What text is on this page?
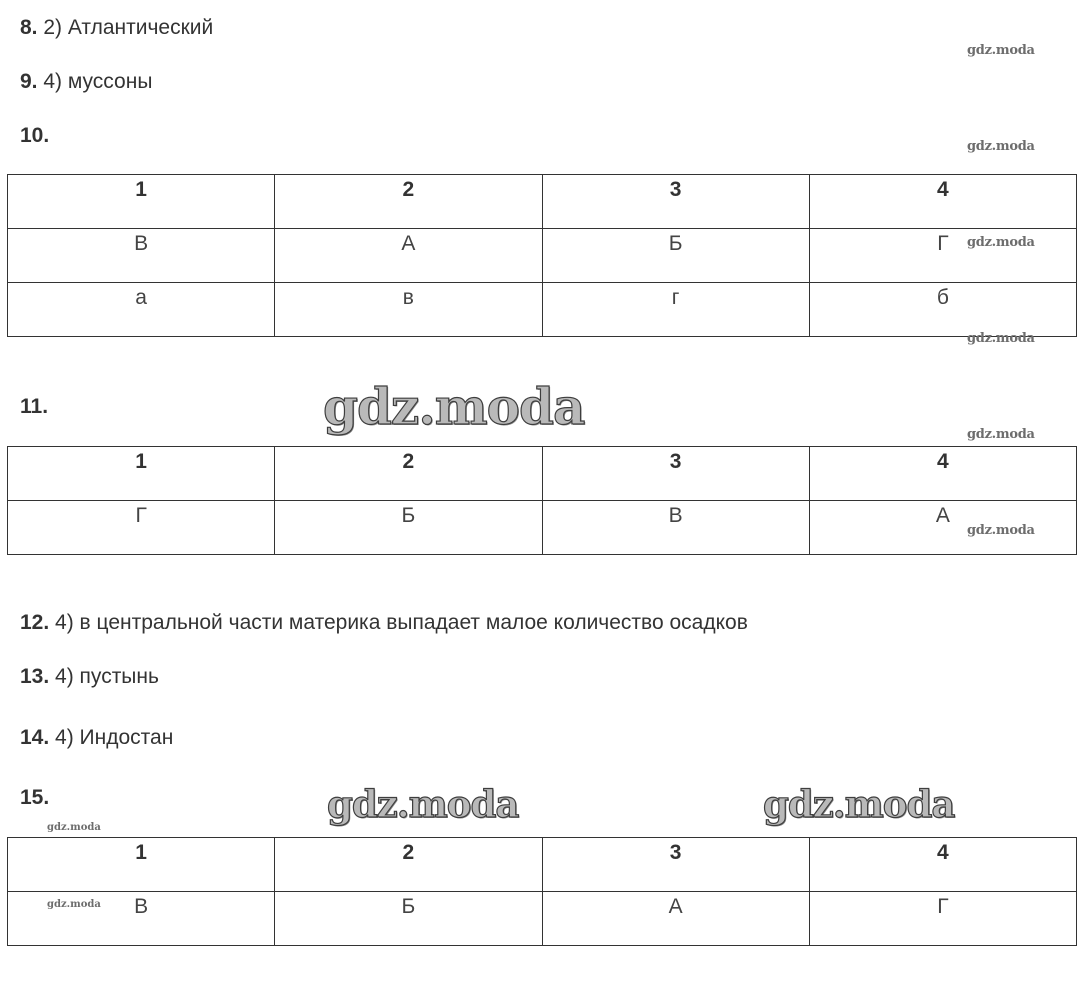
8. 2) Атлантический
9. 4) муссоны
10.
1	2	3	4

В	А	Б	Г

а	в	г	б
11.
1	2	3	4

Г	Б	В	А
12. 4) в центральной части материка выпадает малое количество осадков
13. 4) пустынь
14. 4) Индостан
15.
1	2	3	4

В	Б	А	Г
gdz.moda
gdz.moda
gdz.moda
gdz.moda
gdz.moda
gdz.moda
gdz.moda
gdz.moda
gdz.moda
gdz.moda	gdz.moda
